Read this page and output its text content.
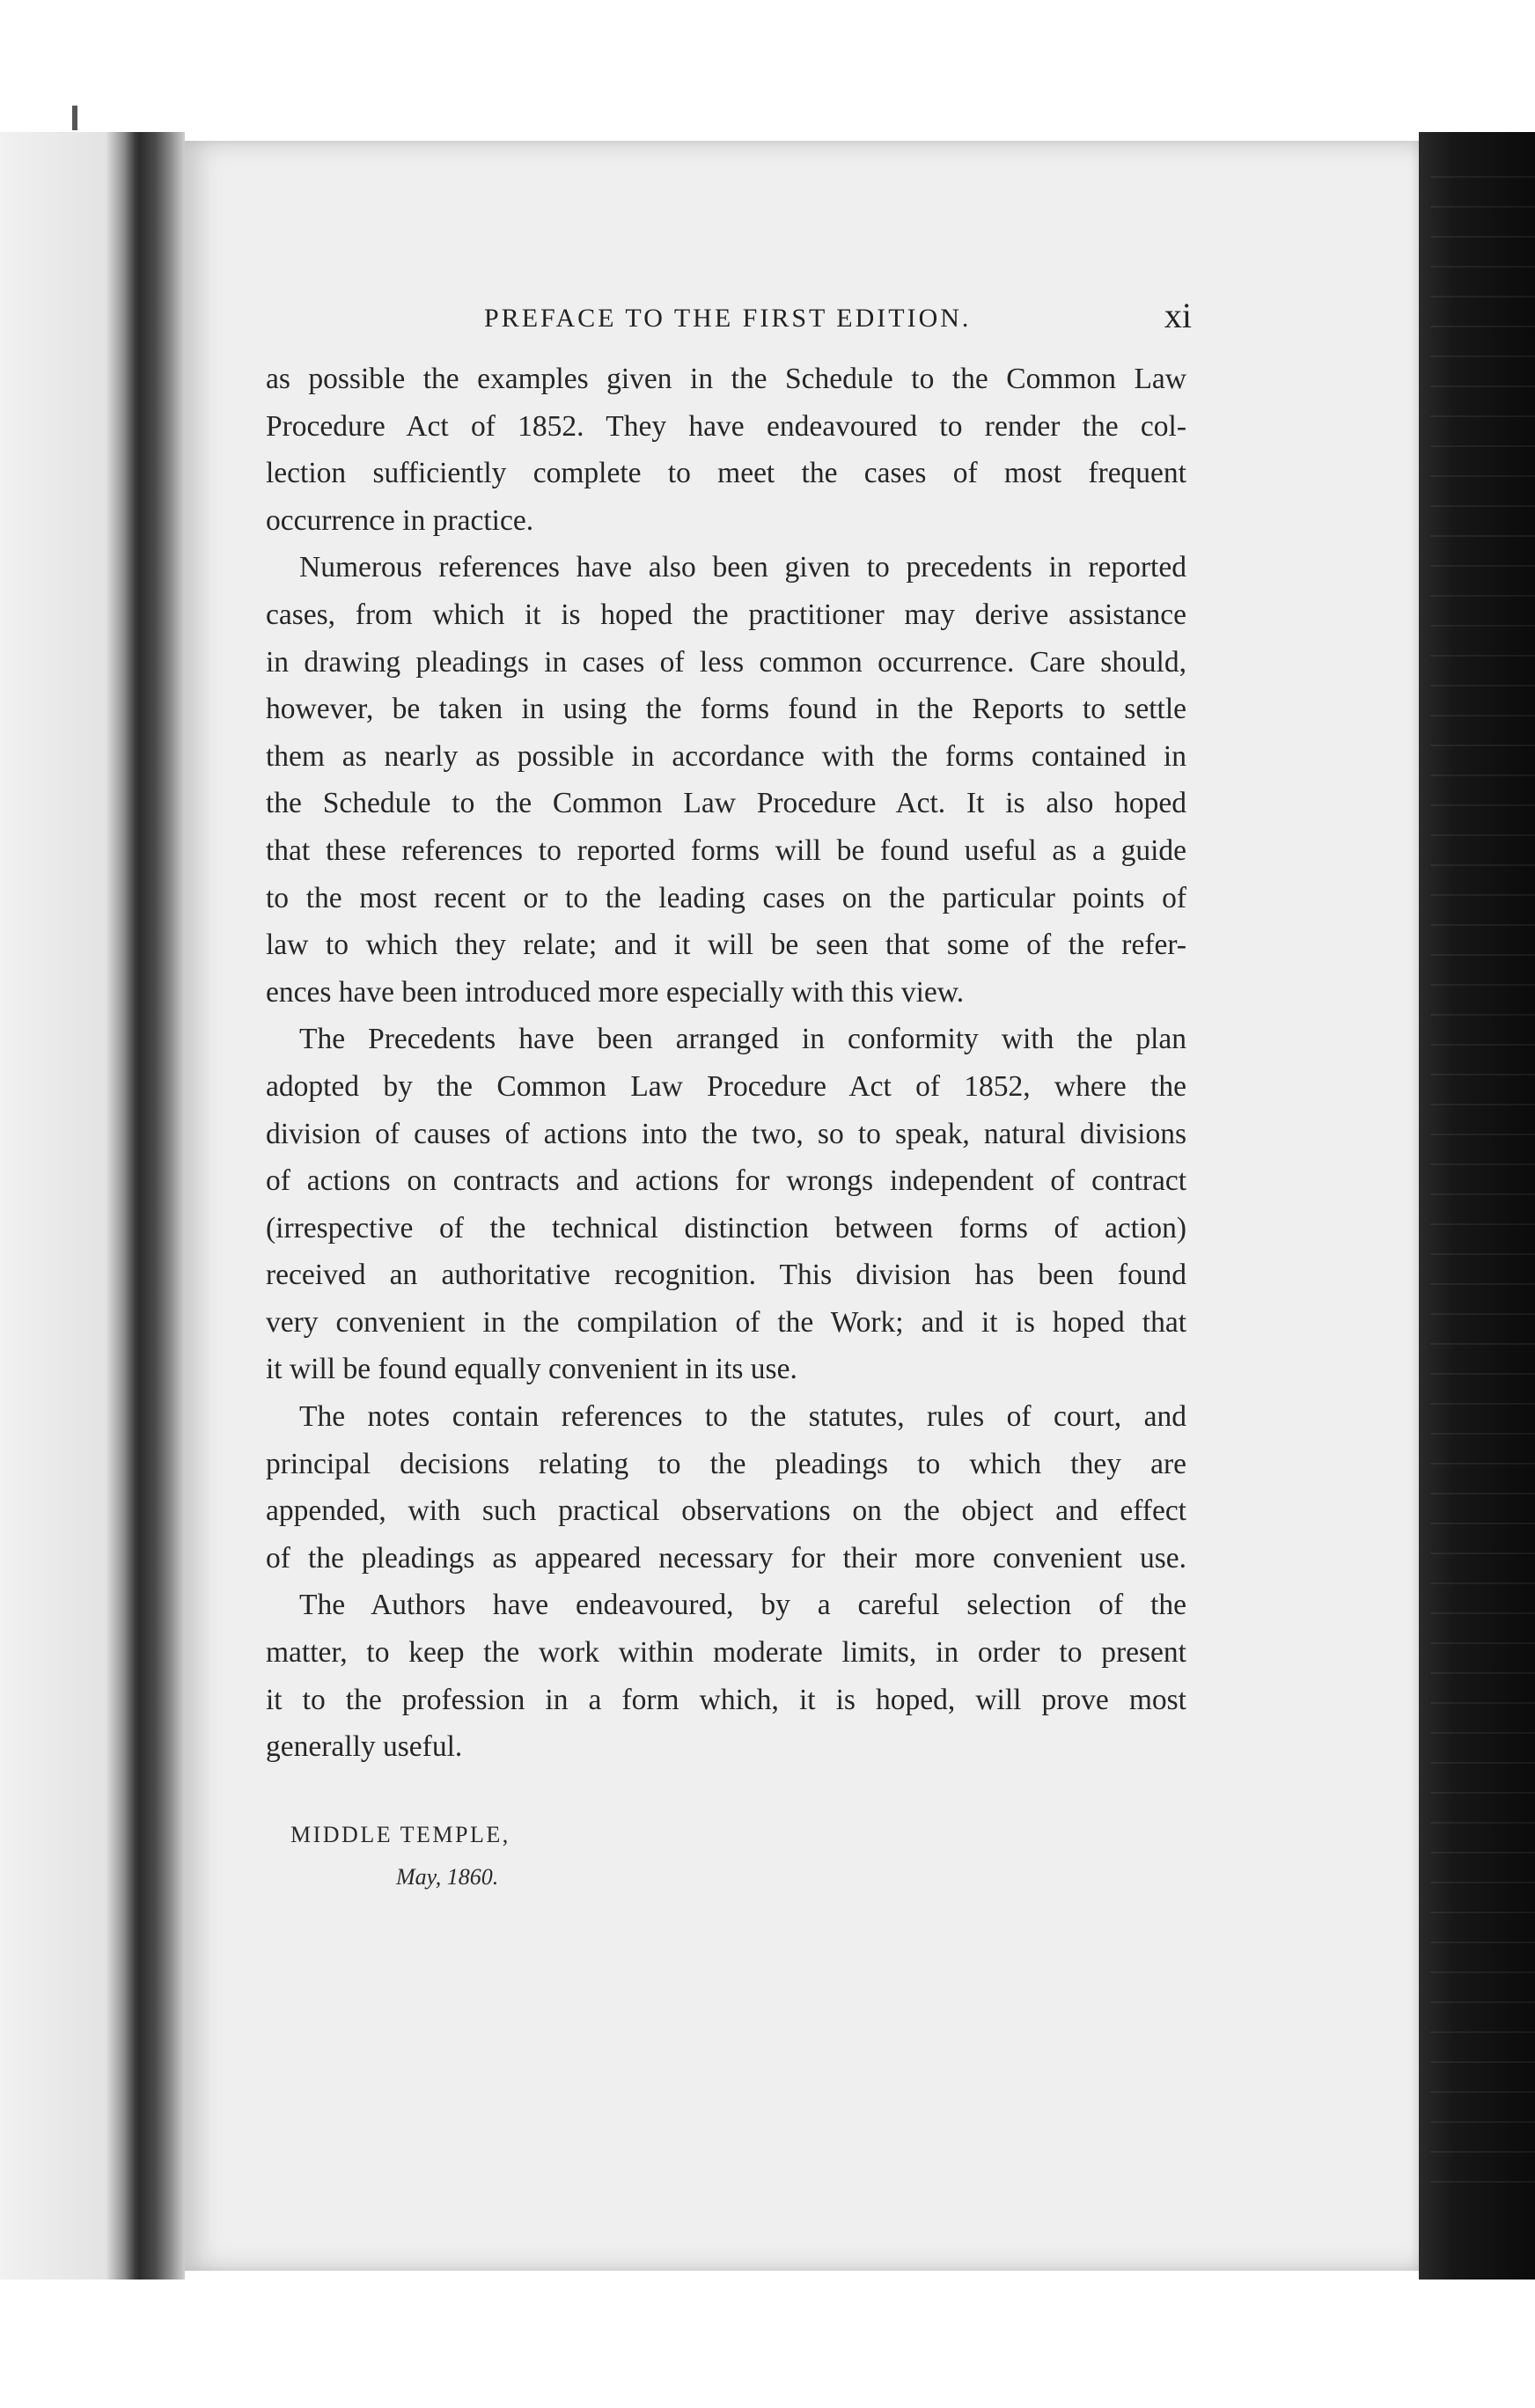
PREFACE TO THE FIRST EDITION.	xi
as possible the examples given in the Schedule to the Common Law
Procedure Act of 1852. They have endeavoured to render the col-
lection sufficiently complete to meet the cases of most frequent
occurrence in practice.
Numerous references have also been given to precedents in reported
cases, from which it is hoped the practitioner may derive assistance
in drawing pleadings in cases of less common occurrence. Care should,
however, be taken in using the forms found in the Reports to settle
them as nearly as possible in accordance with the forms contained in
the Schedule to the Common Law Procedure Act. It is also hoped
that these references to reported forms will be found useful as a guide
to the most recent or to the leading cases on the particular points of
law to which they relate; and it will be seen that some of the refer-
ences have been introduced more especially with this view.
The Precedents have been arranged in conformity with the plan
adopted by the Common Law Procedure Act of 1852, where the
division of causes of actions into the two, so to speak, natural divisions
of actions on contracts and actions for wrongs independent of contract
(irrespective of the technical distinction between forms of action)
received an authoritative recognition. This division has been found
very convenient in the compilation of the Work; and it is hoped that
it will be found equally convenient in its use.
The notes contain references to the statutes, rules of court, and
principal decisions relating to the pleadings to which they are
appended, with such practical observations on the object and effect
of the pleadings as appeared necessary for their more convenient use.
The Authors have endeavoured, by a careful selection of the
matter, to keep the work within moderate limits, in order to present
it to the profession in a form which, it is hoped, will prove most
generally useful.
MIDDLE TEMPLE,
May, 1860.
